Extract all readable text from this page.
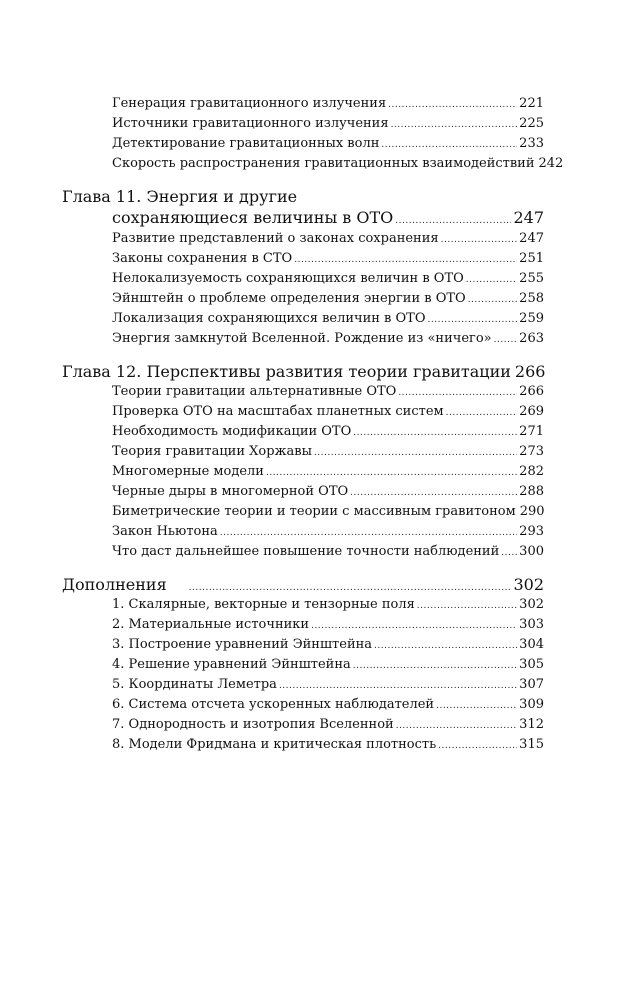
Генерация гравитационного излучения .....	221
Источники гравитационного излучения .....	225
Детектирование гравитационных волн .....	233
Скорость распространения гравитационных взаимодействий 242
Глава 11. Энергия и другие
сохраняющиеся величины в ОТО .....	247
Развитие представлений о законах сохранения .....	247
Законы сохранения в СТО .....	251
Нелокализуемость сохраняющихся величин в ОТО .....	255
Эйнштейн о проблеме определения энергии в ОТО .....	258
Локализация сохраняющихся величин в ОТО .....	259
Энергия замкнутой Вселенной. Рождение из «ничего» ..... 263
Глава 12. Перспективы развития теории гравитации 266
Теории гравитации альтернативные ОТО .....	266
Проверка ОТО на масштабах планетных систем .....	269
Необходимость модификации ОТО .....	271
Теория гравитации Хоржавы .....	273
Многомерные модели .....	282
Черные дыры в многомерной ОТО .....	288
Биметрические теории и теории с массивным гравитоном 290
Закон Ньютона .....	293
Что даст дальнейшее повышение точности наблюдений ..... 300
Дополнения .....	302
1. Скалярные, векторные и тензорные поля .....	302
2. Материальные источники .....	303
3. Построение уравнений Эйнштейна .....	304
4. Решение уравнений Эйнштейна .....	305
5. Координаты Леметра .....	307
6. Система отсчета ускоренных наблюдателей .....	309
7. Однородность и изотропия Вселенной .....	312
8. Модели Фридмана и критическая плотность .....	315
